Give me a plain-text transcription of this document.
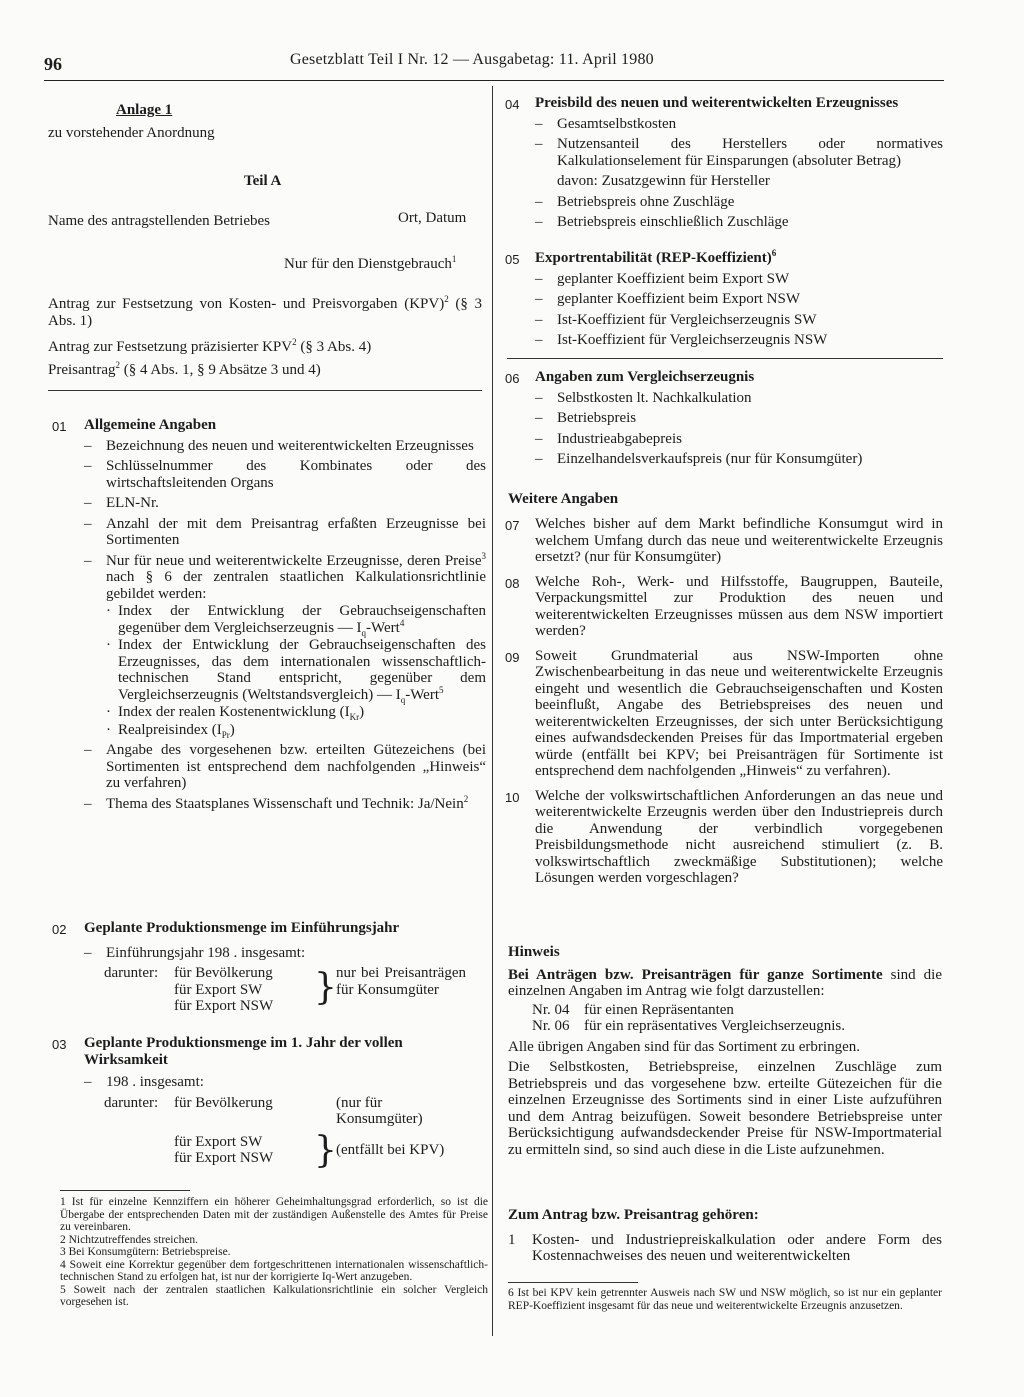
96	Gesetzblatt Teil I Nr. 12 — Ausgabetag: 11. April 1980
Anlage 1
zu vorstehender Anordnung
Teil A
Name des antragstellenden Betriebes	Ort, Datum
Nur für den Dienstgebrauch$^1$
Antrag zur Festsetzung von Kosten- und Preisvorgaben (KPV)$^2$ (§ 3 Abs. 1)
Antrag zur Festsetzung präzisierter KPV$^2$ (§ 3 Abs. 4)
Preisantrag$^2$ (§ 4 Abs. 1, § 9 Absätze 3 und 4)
01	Allgemeine Angaben
– Bezeichnung des neuen und weiterentwickelten Erzeugnisses
– Schlüsselnummer des Kombinates oder des wirtschaftsleitenden Organs
– ELN-Nr.
– Anzahl der mit dem Preisantrag erfaßten Erzeugnisse bei Sortimenten
– Nur für neue und weiterentwickelte Erzeugnisse, deren Preise$^3$ nach § 6 der zentralen staatlichen Kalkulationsrichtlinie gebildet werden:
· Index der Entwicklung der Gebrauchseigenschaften gegenüber dem Vergleichserzeugnis — $I_q-Wert^4$
· Index der Entwicklung der Gebrauchseigenschaften des Erzeugnisses, das dem internationalen wissenschaftlich-technischen Stand entspricht, gegenüber dem Vergleichserzeugnis (Weltstandsvergleich) — $I_q-Wert^5$
· Index der realen Kostenentwicklung $(I_{Kr})$
· Realpreisindex $(I_{Pr})$
– Angabe des vorgesehenen bzw. erteilten Gütezeichens (bei Sortimenten ist entsprechend dem nachfolgenden „Hinweis“ zu verfahren)
– Thema des Staatsplanes Wissenschaft und Technik: Ja/Nein$^2$
02	Geplante Produktionsmenge im Einführungsjahr
– Einführungsjahr 198 . insgesamt:
darunter:	für Bevölkerung
für Export SW
für Export NSW	} nur bei Preisanträgen für Konsumgüter
03	Geplante Produktionsmenge im 1. Jahr der vollen Wirksamkeit
– 198 . insgesamt:
darunter:	für Bevölkerung	(nur für Konsumgüter)
für Export SW
für Export NSW	} (entfällt bei KPV)
1 Ist für einzelne Kennziffern ein höherer Geheimhaltungsgrad erforderlich, so ist die Übergabe der entsprechenden Daten mit der zuständigen Außenstelle des Amtes für Preise zu vereinbaren.
2 Nichtzutreffendes streichen.
3 Bei Konsumgütern: Betriebspreise.
4 Soweit eine Korrektur gegenüber dem fortgeschrittenen internationalen wissenschaftlich-technischen Stand zu erfolgen hat, ist nur der korrigierte Iq-Wert anzugeben.
5 Soweit nach der zentralen staatlichen Kalkulationsrichtlinie ein solcher Vergleich vorgesehen ist.
04	Preisbild des neuen und weiterentwickelten Erzeugnisses
– Gesamtselbstkosten
– Nutzensanteil des Herstellers oder normatives Kalkulationselement für Einsparungen (absoluter Betrag)
davon: Zusatzgewinn für Hersteller
– Betriebspreis ohne Zuschläge
– Betriebspreis einschließlich Zuschläge
05	Exportrentabilität (REP-Koeffizient)$^6$
– geplanter Koeffizient beim Export SW
– geplanter Koeffizient beim Export NSW
– Ist-Koeffizient für Vergleichserzeugnis SW
– Ist-Koeffizient für Vergleichserzeugnis NSW
06	Angaben zum Vergleichserzeugnis
– Selbstkosten lt. Nachkalkulation
– Betriebspreis
– Industrieabgabepreis
– Einzelhandelsverkaufspreis (nur für Konsumgüter)
Weitere Angaben
07	Welches bisher auf dem Markt befindliche Konsumgut wird in welchem Umfang durch das neue und weiterentwickelte Erzeugnis ersetzt? (nur für Konsumgüter)
08	Welche Roh-, Werk- und Hilfsstoffe, Baugruppen, Bauteile, Verpackungsmittel zur Produktion des neuen und weiterentwickelten Erzeugnisses müssen aus dem NSW importiert werden?
09	Soweit Grundmaterial aus NSW-Importen ohne Zwischenbearbeitung in das neue und weiterentwickelte Erzeugnis eingeht und wesentlich die Gebrauchseigenschaften und Kosten beeinflußt, Angabe des Betriebspreises des neuen und weiterentwickelten Erzeugnisses, der sich unter Berücksichtigung eines aufwandsdeckenden Preises für das Importmaterial ergeben würde (entfällt bei KPV; bei Preisanträgen für Sortimente ist entsprechend dem nachfolgenden „Hinweis“ zu verfahren).
10	Welche der volkswirtschaftlichen Anforderungen an das neue und weiterentwickelte Erzeugnis werden über den Industriepreis durch die Anwendung der verbindlich vorgegebenen Preisbildungsmethode nicht ausreichend stimuliert (z. B. volkswirtschaftlich zweckmäßige Substitutionen); welche Lösungen werden vorgeschlagen?
Hinweis
Bei Anträgen bzw. Preisanträgen für ganze Sortimente sind die einzelnen Angaben im Antrag wie folgt darzustellen:
Nr. 04 für einen Repräsentanten
Nr. 06 für ein repräsentatives Vergleichserzeugnis.
Alle übrigen Angaben sind für das Sortiment zu erbringen.
Die Selbstkosten, Betriebspreise, einzelnen Zuschläge zum Betriebspreis und das vorgesehene bzw. erteilte Gütezeichen für die einzelnen Erzeugnisse des Sortiments sind in einer Liste aufzuführen und dem Antrag beizufügen. Soweit besondere Betriebspreise unter Berücksichtigung aufwandsdeckender Preise für NSW-Importmaterial zu ermitteln sind, so sind auch diese in die Liste aufzunehmen.
Zum Antrag bzw. Preisantrag gehören:
1	Kosten- und Industriepreiskalkulation oder andere Form des Kostennachweises des neuen und weiterentwickelten
6 Ist bei KPV kein getrennter Ausweis nach SW und NSW möglich, so ist nur ein geplanter REP-Koeffizient insgesamt für das neue und weiterentwickelte Erzeugnis anzusetzen.
